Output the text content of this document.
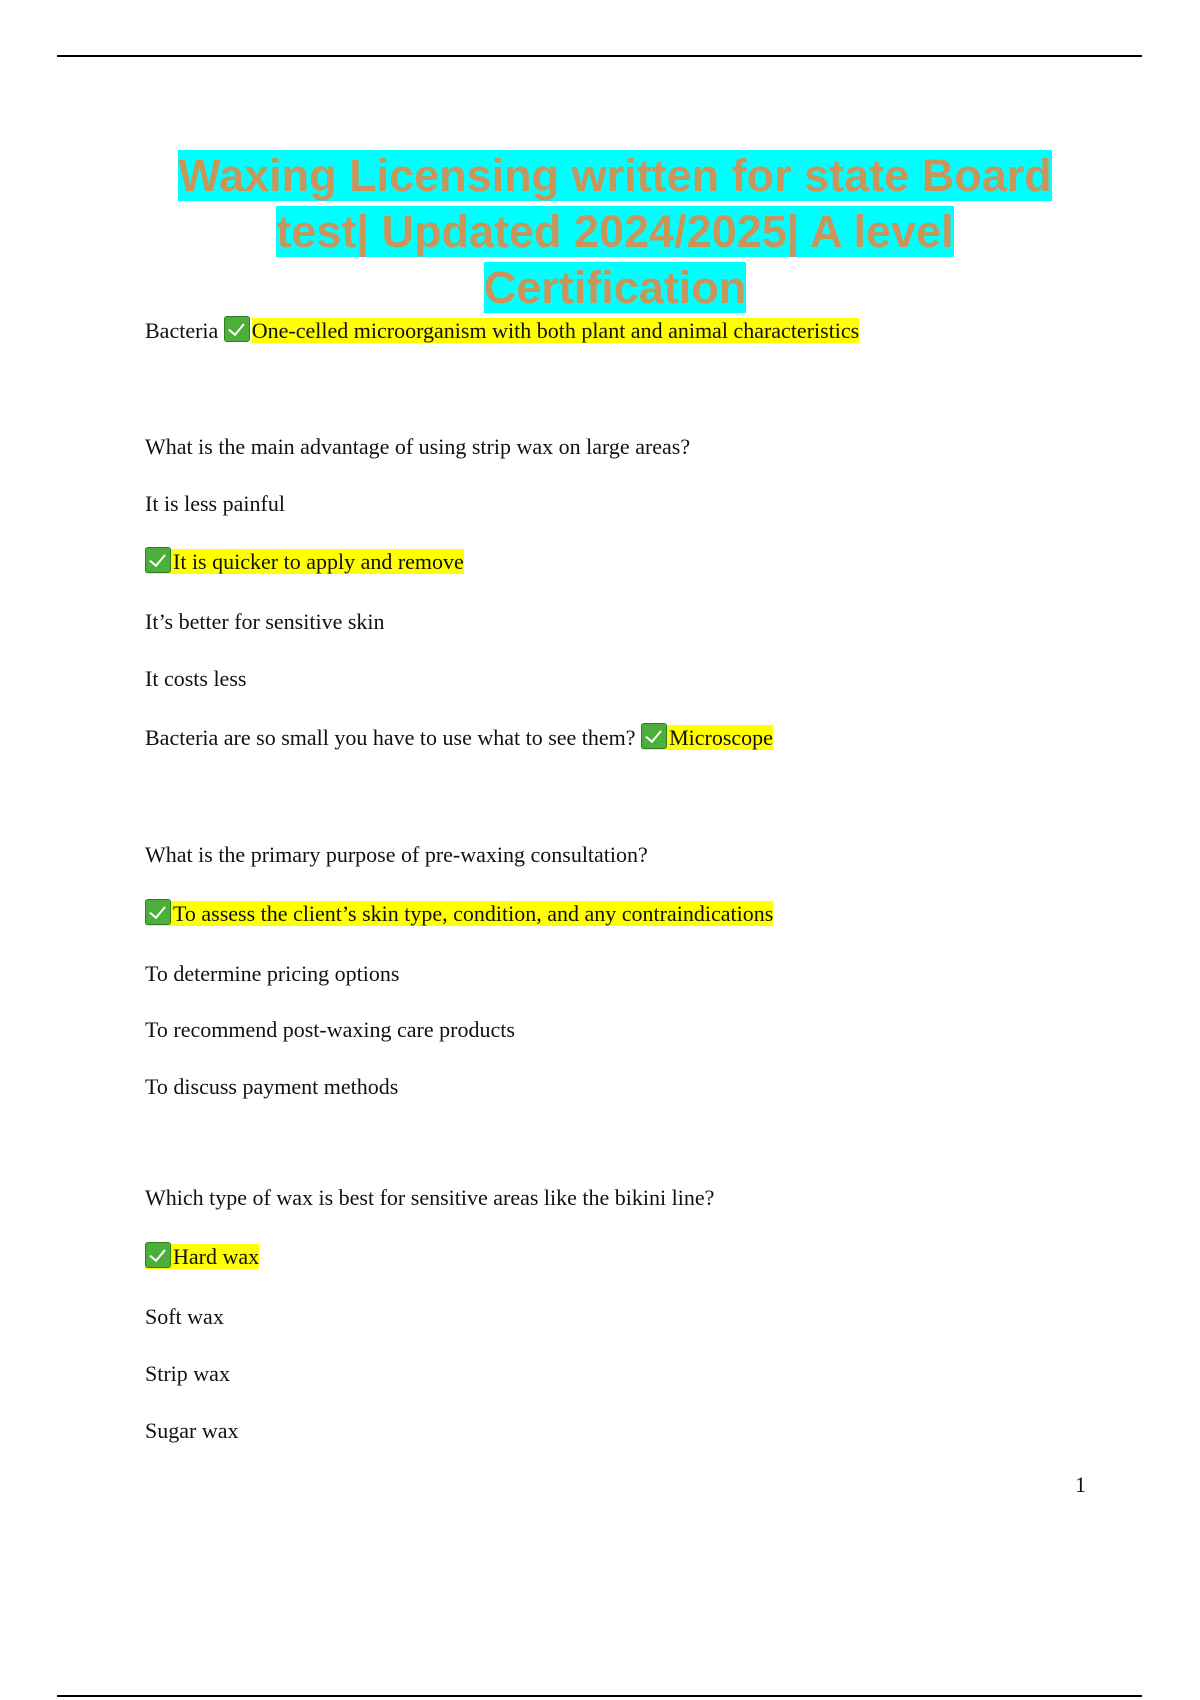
Waxing Licensing written for state Board test| Updated 2024/2025| A level Certification
Bacteria One-celled microorganism with both plant and animal characteristics
What is the main advantage of using strip wax on large areas?
It is less painful
It is quicker to apply and remove
It’s better for sensitive skin
It costs less
Bacteria are so small you have to use what to see them? Microscope
What is the primary purpose of pre-waxing consultation?
To assess the client’s skin type, condition, and any contraindications
To determine pricing options
To recommend post-waxing care products
To discuss payment methods
Which type of wax is best for sensitive areas like the bikini line?
Hard wax
Soft wax
Strip wax
Sugar wax
1
